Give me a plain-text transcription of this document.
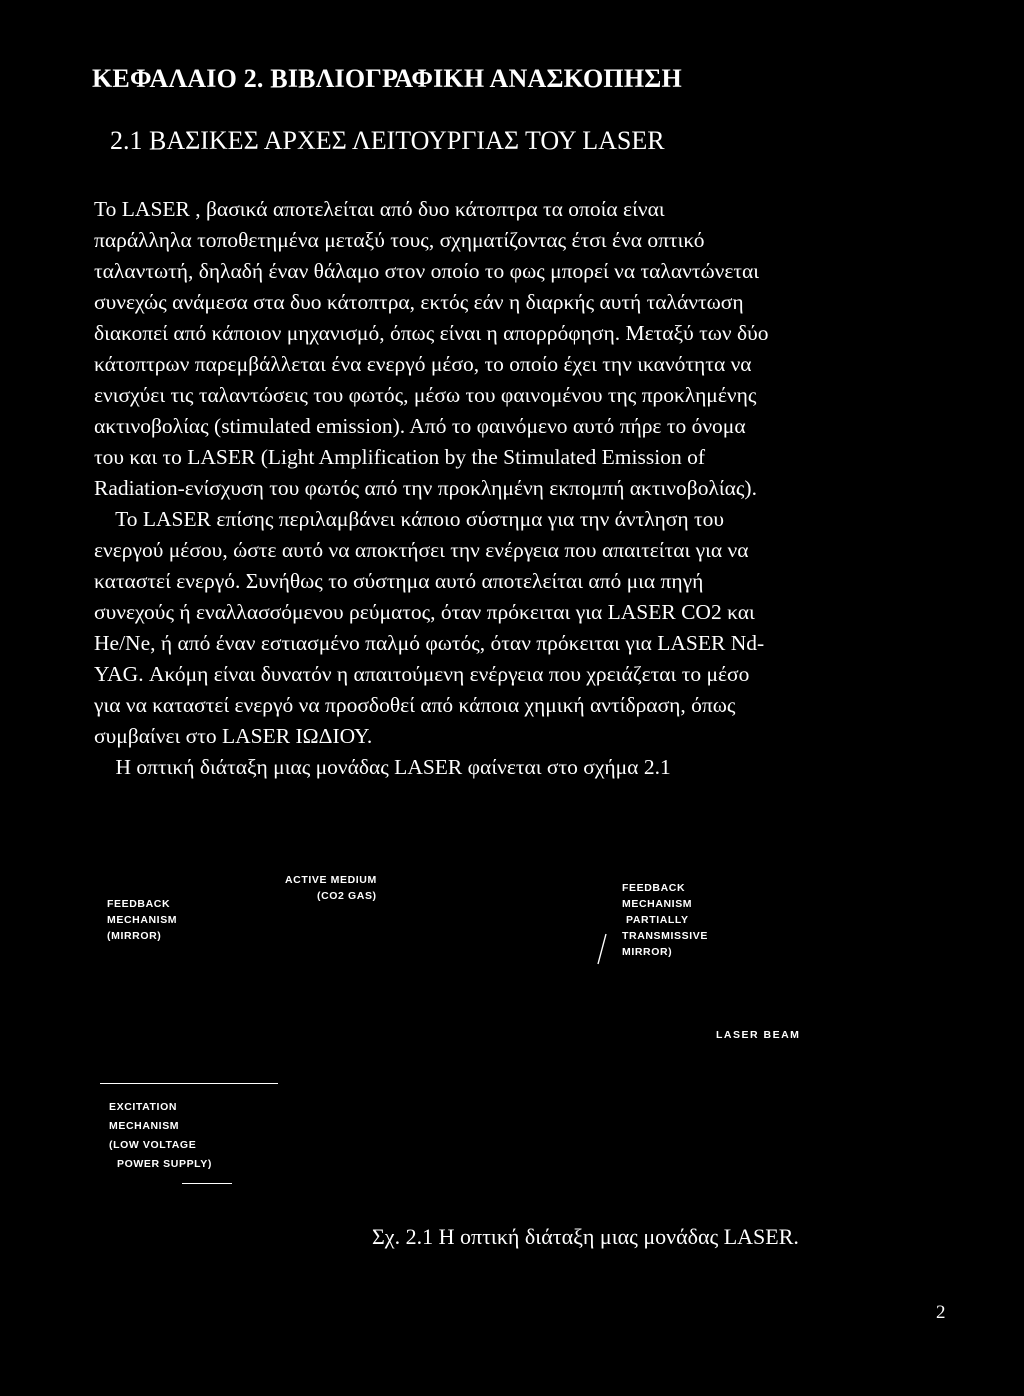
ΚΕΦΑΛΑΙΟ 2. ΒΙΒΛΙΟΓΡΑΦΙΚΗ ΑΝΑΣΚΟΠΗΣΗ
2.1 ΒΑΣΙΚΕΣ ΑΡΧΕΣ ΛΕΙΤΟΥΡΓΙΑΣ ΤΟΥ LASER
Το LASER , βασικά αποτελείται από δυο κάτοπτρα τα οποία είναι
παράλληλα τοποθετημένα μεταξύ τους, σχηματίζοντας έτσι ένα οπτικό
ταλαντωτή, δηλαδή έναν θάλαμο στον οποίο το φως μπορεί να ταλαντώνεται
συνεχώς ανάμεσα στα δυο κάτοπτρα, εκτός εάν η διαρκής αυτή ταλάντωση
διακοπεί από κάποιον μηχανισμό, όπως είναι η απορρόφηση. Μεταξύ των δύο
κάτοπτρων παρεμβάλλεται ένα ενεργό μέσο, το οποίο έχει την ικανότητα να
ενισχύει τις ταλαντώσεις του φωτός, μέσω του φαινομένου της προκλημένης
ακτινοβολίας (stimulated emission). Από το φαινόμενο αυτό πήρε το όνομα
του και το LASER (Light Amplification by the Stimulated Emission of
Radiation-ενίσχυση του φωτός από την προκλημένη εκπομπή ακτινοβολίας).
Το LASER επίσης περιλαμβάνει κάποιο σύστημα για την άντληση του
ενεργού μέσου, ώστε αυτό να αποκτήσει την ενέργεια που απαιτείται για να
καταστεί ενεργό. Συνήθως το σύστημα αυτό αποτελείται από μια πηγή
συνεχούς ή εναλλασσόμενου ρεύματος, όταν πρόκειται για LASER CO2 και
He/Ne, ή από έναν εστιασμένο παλμό φωτός, όταν πρόκειται για LASER Nd-
YAG. Ακόμη είναι δυνατόν η απαιτούμενη ενέργεια που χρειάζεται το μέσο
για να καταστεί ενεργό να προσδοθεί από κάποια χημική αντίδραση, όπως
συμβαίνει στο LASER ΙΩΔΙΟΥ.
Η οπτική διάταξη μιας μονάδας LASER φαίνεται στο σχήμα 2.1
FEEDBACK
MECHANISM
(MIRROR)
ACTIVE MEDIUM
(CO2 GAS)
FEEDBACK
MECHANISM
PARTIALLY
TRANSMISSIVE
MIRROR)
LASER BEAM
EXCITATION
MECHANISM
(LOW VOLTAGE
POWER SUPPLY)
Σχ. 2.1 Η οπτική διάταξη μιας μονάδας LASER.
2
